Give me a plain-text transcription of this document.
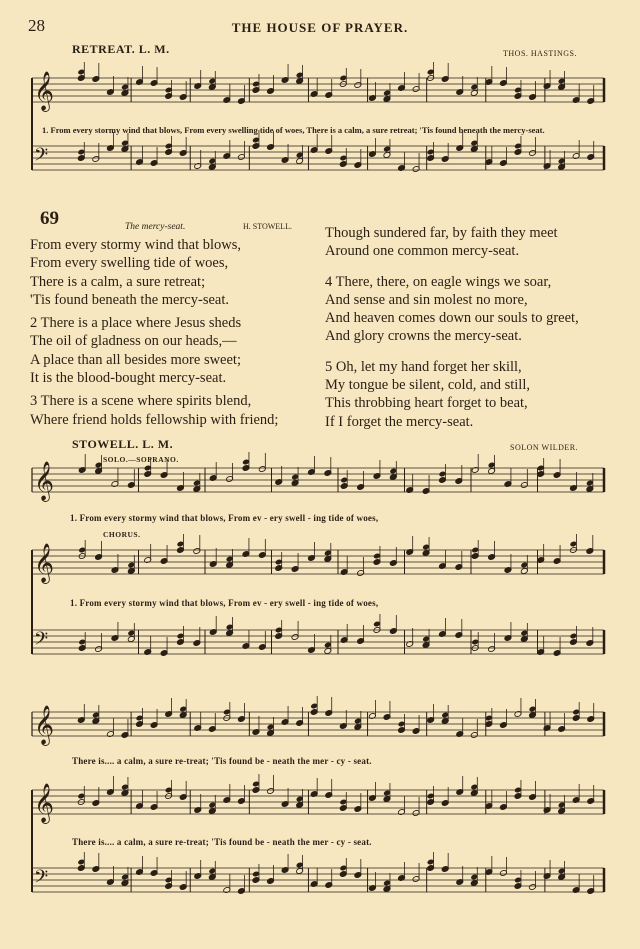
28	THE HOUSE OF PRAYER.
RETREAT. L. M.	THOS. HASTINGS.
1. From every stormy wind that blows, From every swelling tide of woes, There is a calm, a sure retreat; 'Tis found beneath the mercy-seat.
𝄞
𝄢
𝄞
𝄞
𝄢
𝄞
𝄞
𝄢
69	The mercy-seat.	H. STOWELL.
From every stormy wind that blows,
From every swelling tide of woes,
There is a calm, a sure retreat;
'Tis found beneath the mercy-seat.
2 There is a place where Jesus sheds
The oil of gladness on our heads,—
A place than all besides more sweet;
It is the blood-bought mercy-seat.
3 There is a scene where spirits blend,
Where friend holds fellowship with friend;
Though sundered far, by faith they meet
Around one common mercy-seat.
4 There, there, on eagle wings we soar,
And sense and sin molest no more,
And heaven comes down our souls to greet,
And glory crowns the mercy-seat.
5 Oh, let my hand forget her skill,
My tongue be silent, cold, and still,
This throbbing heart forget to beat,
If I forget the mercy-seat.
STOWELL. L. M.	SOLON WILDER.
SOLO.—SOPRANO.
1. From every stormy wind that blows, From ev - ery swell - ing tide of woes,
CHORUS.
1. From every stormy wind that blows, From ev - ery swell - ing tide of woes,
There is.... a calm, a sure re-treat; 'Tis found be - neath the mer - cy - seat.
There is.... a calm, a sure re-treat; 'Tis found be - neath the mer - cy - seat.
